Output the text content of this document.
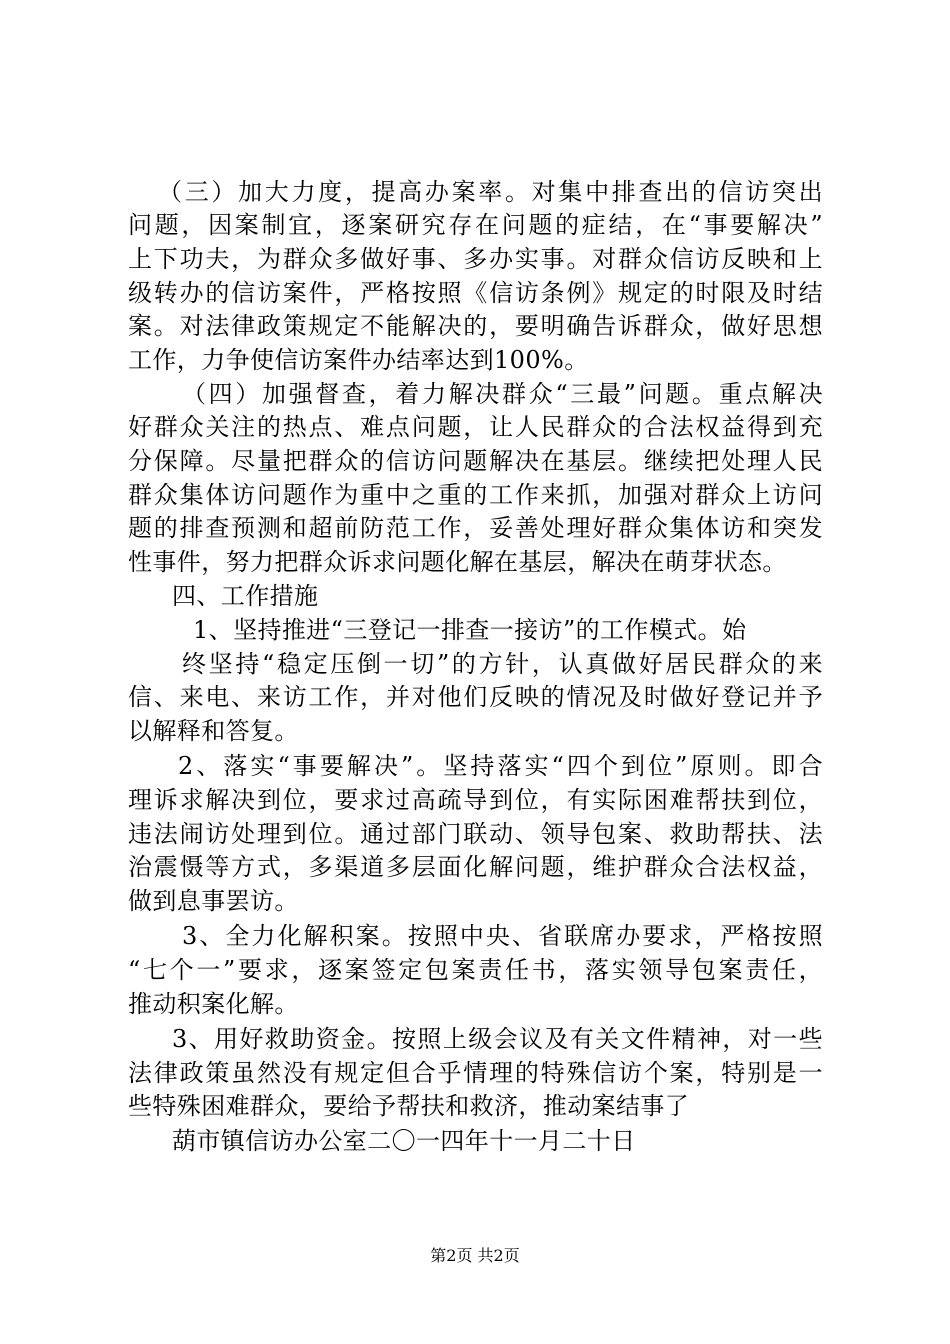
（三）加大力度，提高办案率。对集中排查出的信访突出
问题，因案制宜，逐案研究存在问题的症结，在“事要解决”
上下功夫，为群众多做好事、多办实事。对群众信访反映和上
级转办的信访案件，严格按照《信访条例》规定的时限及时结
案。对法律政策规定不能解决的，要明确告诉群众，做好思想
工作，力争使信访案件办结率达到100%。
（四）加强督查，着力解决群众“三最”问题。重点解决
好群众关注的热点、难点问题，让人民群众的合法权益得到充
分保障。尽量把群众的信访问题解决在基层。继续把处理人民
群众集体访问题作为重中之重的工作来抓，加强对群众上访问
题的排查预测和超前防范工作，妥善处理好群众集体访和突发
性事件，努力把群众诉求问题化解在基层，解决在萌芽状态。
四、工作措施
1、坚持推进“三登记一排查一接访”的工作模式。始
终坚持“稳定压倒一切”的方针，认真做好居民群众的来
信、来电、来访工作，并对他们反映的情况及时做好登记并予
以解释和答复。
2、落实“事要解决”。坚持落实“四个到位”原则。即合
理诉求解决到位，要求过高疏导到位，有实际困难帮扶到位，
违法闹访处理到位。通过部门联动、领导包案、救助帮扶、法
治震慑等方式，多渠道多层面化解问题，维护群众合法权益，
做到息事罢访。
3、全力化解积案。按照中央、省联席办要求，严格按照
“七个一”要求，逐案签定包案责任书，落实领导包案责任，
推动积案化解。
3、用好救助资金。按照上级会议及有关文件精神，对一些
法律政策虽然没有规定但合乎情理的特殊信访个案，特别是一
些特殊困难群众，要给予帮扶和救济，推动案结事了
葫市镇信访办公室二〇一四年十一月二十日
第2页 共2页
